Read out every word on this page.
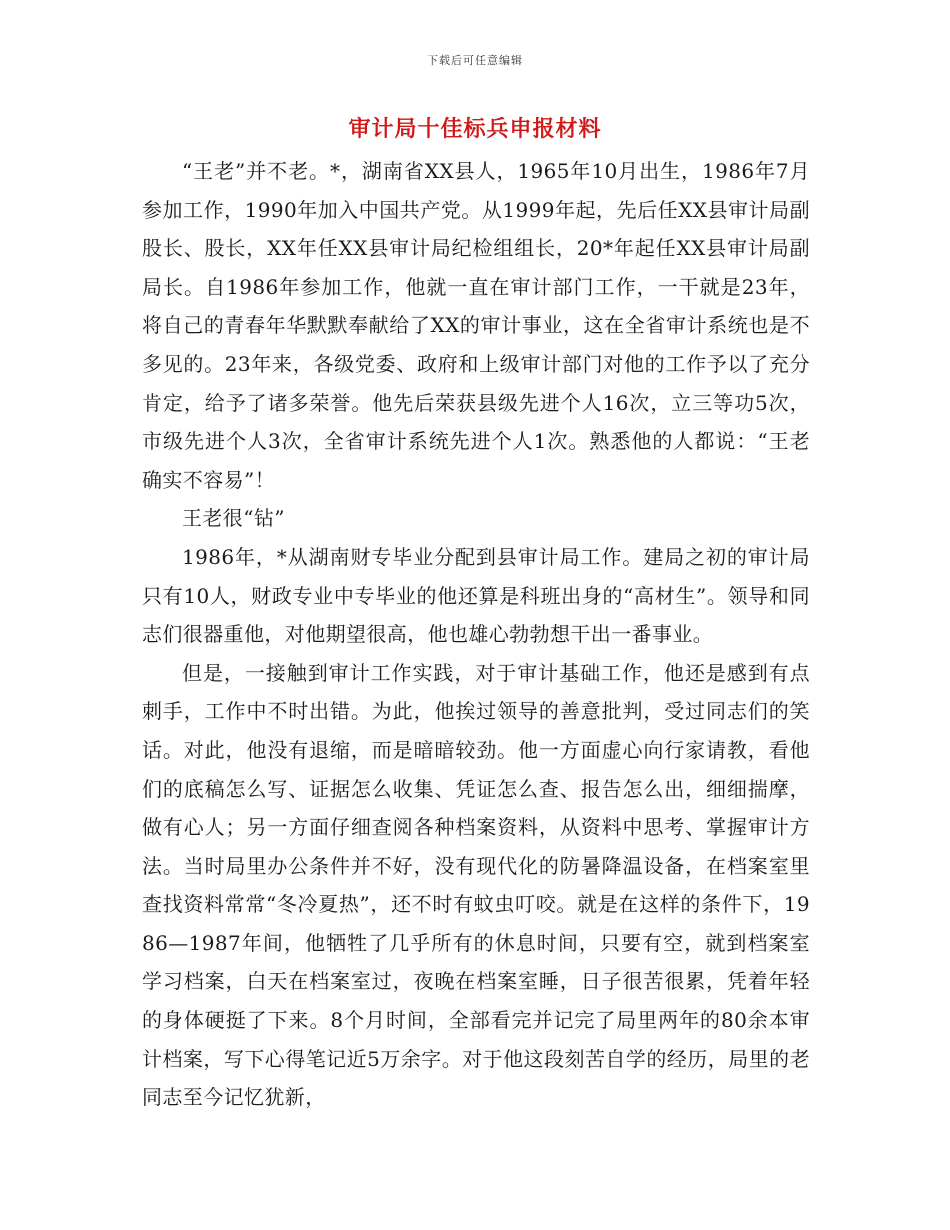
下载后可任意编辑
审计局十佳标兵申报材料

“王老”并不老。*，湖南省XX县人，1965年10月出生，1986年7月参加工作，1990年加入中国共产党。从1999年起，先后任XX县审计局副股长、股长，XX年任XX县审计局纪检组组长，20*年起任XX县审计局副局长。自1986年参加工作，他就一直在审计部门工作，一干就是23年，将自己的青春年华默默奉献给了XX的审计事业，这在全省审计系统也是不多见的。23年来，各级党委、政府和上级审计部门对他的工作予以了充分肯定，给予了诸多荣誉。他先后荣获县级先进个人16次，立三等功5次，市级先进个人3次，全省审计系统先进个人1次。熟悉他的人都说：“王老确实不容易”！

王老很“钻”

1986年，*从湖南财专毕业分配到县审计局工作。建局之初的审计局只有10人，财政专业中专毕业的他还算是科班出身的“高材生”。领导和同志们很器重他，对他期望很高，他也雄心勃勃想干出一番事业。

但是，一接触到审计工作实践，对于审计基础工作，他还是感到有点刺手，工作中不时出错。为此，他挨过领导的善意批判，受过同志们的笑话。对此，他没有退缩，而是暗暗较劲。他一方面虚心向行家请教，看他们的底稿怎么写、证据怎么收集、凭证怎么查、报告怎么出，细细揣摩，做有心人；另一方面仔细查阅各种档案资料，从资料中思考、掌握审计方法。当时局里办公条件并不好，没有现代化的防暑降温设备，在档案室里查找资料常常“冬冷夏热”，还不时有蚊虫叮咬。就是在这样的条件下，1986—1987年间，他牺牲了几乎所有的休息时间，只要有空，就到档案室学习档案，白天在档案室过，夜晚在档案室睡，日子很苦很累，凭着年轻的身体硬挺了下来。8个月时间，全部看完并记完了局里两年的80余本审计档案，写下心得笔记近5万余字。对于他这段刻苦自学的经历，局里的老同志至今记忆犹新，
